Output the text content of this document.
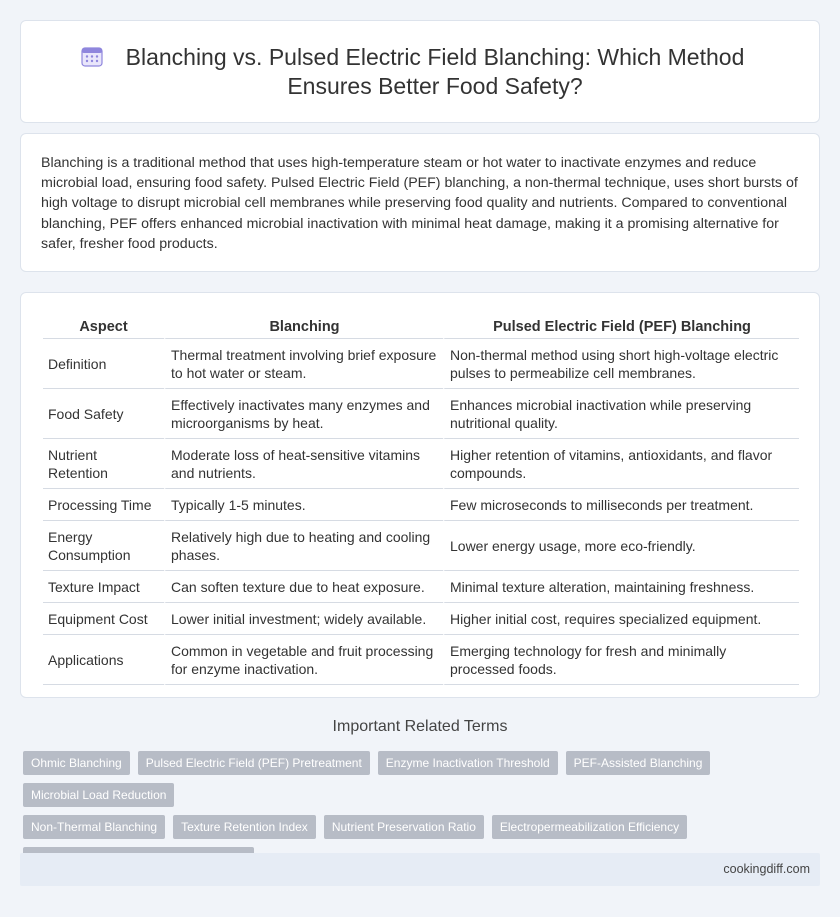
Blanching vs. Pulsed Electric Field Blanching: Which Method Ensures Better Food Safety?

Blanching is a traditional method that uses high-temperature steam or hot water to inactivate enzymes and reduce microbial load, ensuring food safety. Pulsed Electric Field (PEF) blanching, a non-thermal technique, uses short bursts of high voltage to disrupt microbial cell membranes while preserving food quality and nutrients. Compared to conventional blanching, PEF offers enhanced microbial inactivation with minimal heat damage, making it a promising alternative for safer, fresher food products.

Aspect	Blanching	Pulsed Electric Field (PEF) Blanching
Definition	Thermal treatment involving brief exposure to hot water or steam.	Non-thermal method using short high-voltage electric pulses to permeabilize cell membranes.
Food Safety	Effectively inactivates many enzymes and microorganisms by heat.	Enhances microbial inactivation while preserving nutritional quality.
Nutrient Retention	Moderate loss of heat-sensitive vitamins and nutrients.	Higher retention of vitamins, antioxidants, and flavor compounds.
Processing Time	Typically 1-5 minutes.	Few microseconds to milliseconds per treatment.
Energy Consumption	Relatively high due to heating and cooling phases.	Lower energy usage, more eco-friendly.
Texture Impact	Can soften texture due to heat exposure.	Minimal texture alteration, maintaining freshness.
Equipment Cost	Lower initial investment; widely available.	Higher initial cost, requires specialized equipment.
Applications	Common in vegetable and fruit processing for enzyme inactivation.	Emerging technology for fresh and minimally processed foods.
Important Related Terms
Ohmic Blanching	Pulsed Electric Field (PEF) Pretreatment	Enzyme Inactivation Threshold	PEF-Assisted Blanching
Microbial Load Reduction
Non-Thermal Blanching	Texture Retention Index	Nutrient Preservation Ratio	Electropermeabilization Efficiency
cookingdiff.com
